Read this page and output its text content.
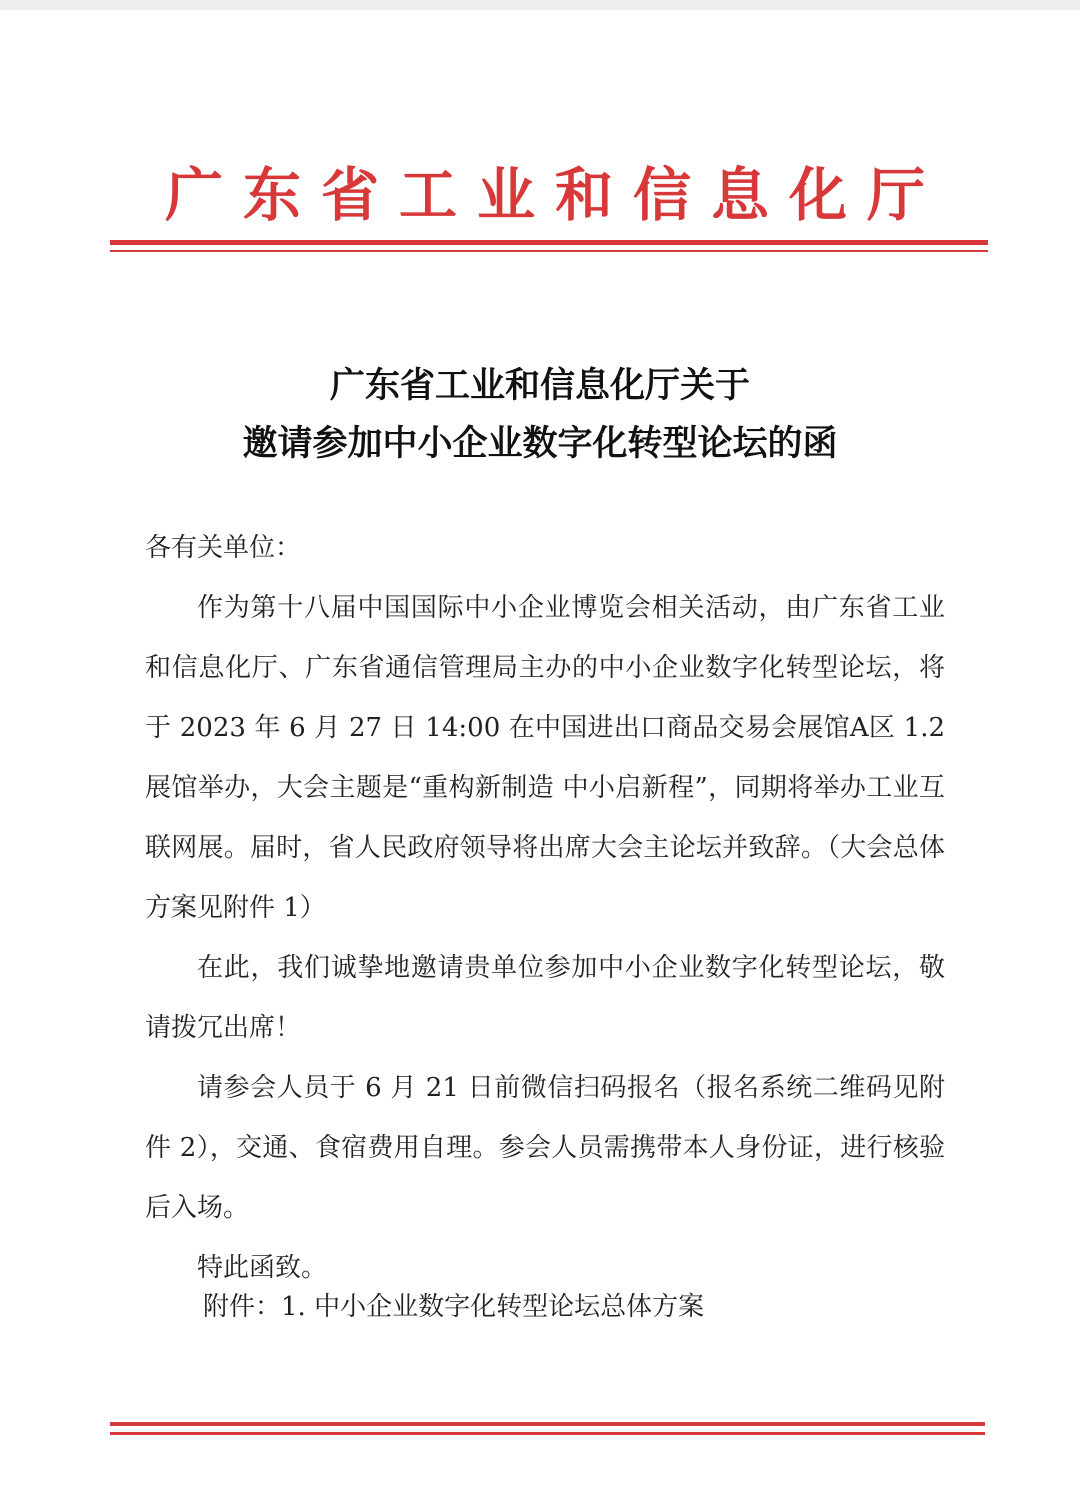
广东省工业和信息化厅
广东省工业和信息化厅关于
邀请参加中小企业数字化转型论坛的函

各有关单位：

作为第十八届中国国际中小企业博览会相关活动，由广东省工业和信息化厅、广东省通信管理局主办的中小企业数字化转型论坛，将于 2023 年 6 月 27 日 14:00 在中国进出口商品交易会展馆A区 1.2 展馆举办，大会主题是“重构新制造 中小启新程”，同期将举办工业互联网展。届时，省人民政府领导将出席大会主论坛并致辞。（大会总体方案见附件 1）

在此，我们诚挚地邀请贵单位参加中小企业数字化转型论坛，敬请拨冗出席！

请参会人员于 6 月 21 日前微信扫码报名（报名系统二维码见附件 2），交通、食宿费用自理。参会人员需携带本人身份证，进行核验后入场。

特此函致。

附件：1. 中小企业数字化转型论坛总体方案
